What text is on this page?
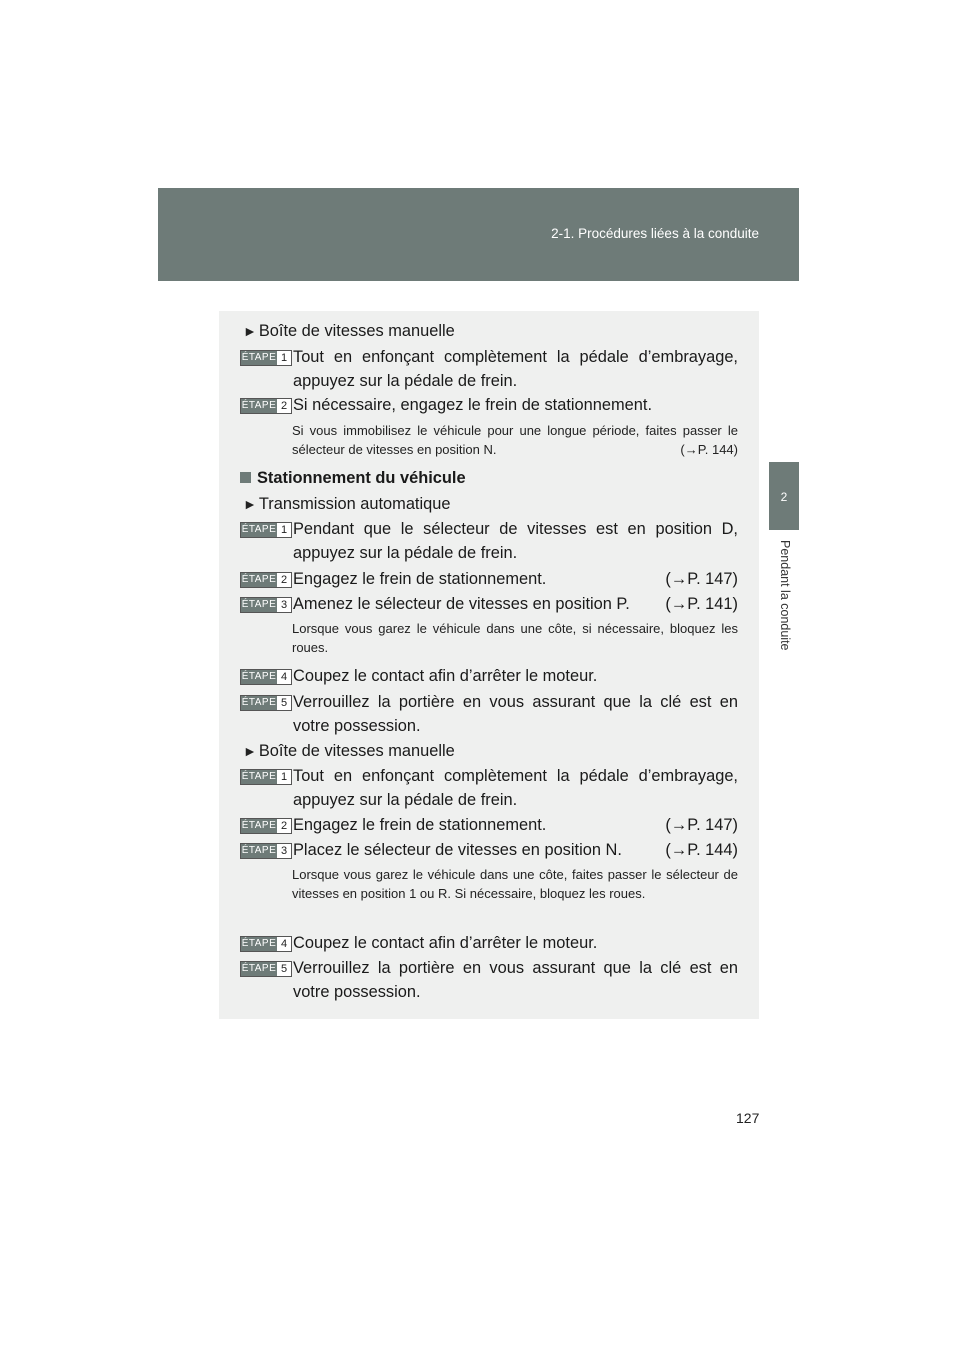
2-1. Procédures liées à la conduite
2
Pendant la conduite
► Boîte de vitesses manuelle
ÉTAPE 1 Tout en enfonçant complètement la pédale d’embrayage, appuyez sur la pédale de frein.
ÉTAPE 2 Si nécessaire, engagez le frein de stationnement.
Si vous immobilisez le véhicule pour une longue période, faites passer le sélecteur de vitesses en position N.	(→P. 144)
Stationnement du véhicule
► Transmission automatique
ÉTAPE 1 Pendant que le sélecteur de vitesses est en position D, appuyez sur la pédale de frein.
ÉTAPE 2 Engagez le frein de stationnement.	(→P. 147)
ÉTAPE 3 Amenez le sélecteur de vitesses en position P. (→P. 141)
Lorsque vous garez le véhicule dans une côte, si nécessaire, bloquez les roues.
ÉTAPE 4 Coupez le contact afin d’arrêter le moteur.
ÉTAPE 5 Verrouillez la portière en vous assurant que la clé est en votre possession.
► Boîte de vitesses manuelle
ÉTAPE 1 Tout en enfonçant complètement la pédale d’embrayage, appuyez sur la pédale de frein.
ÉTAPE 2 Engagez le frein de stationnement.	(→P. 147)
ÉTAPE 3 Placez le sélecteur de vitesses en position N.	(→P. 144)
Lorsque vous garez le véhicule dans une côte, faites passer le sélecteur de vitesses en position 1 ou R. Si nécessaire, bloquez les roues.
ÉTAPE 4 Coupez le contact afin d’arrêter le moteur.
ÉTAPE 5 Verrouillez la portière en vous assurant que la clé est en votre possession.
127
